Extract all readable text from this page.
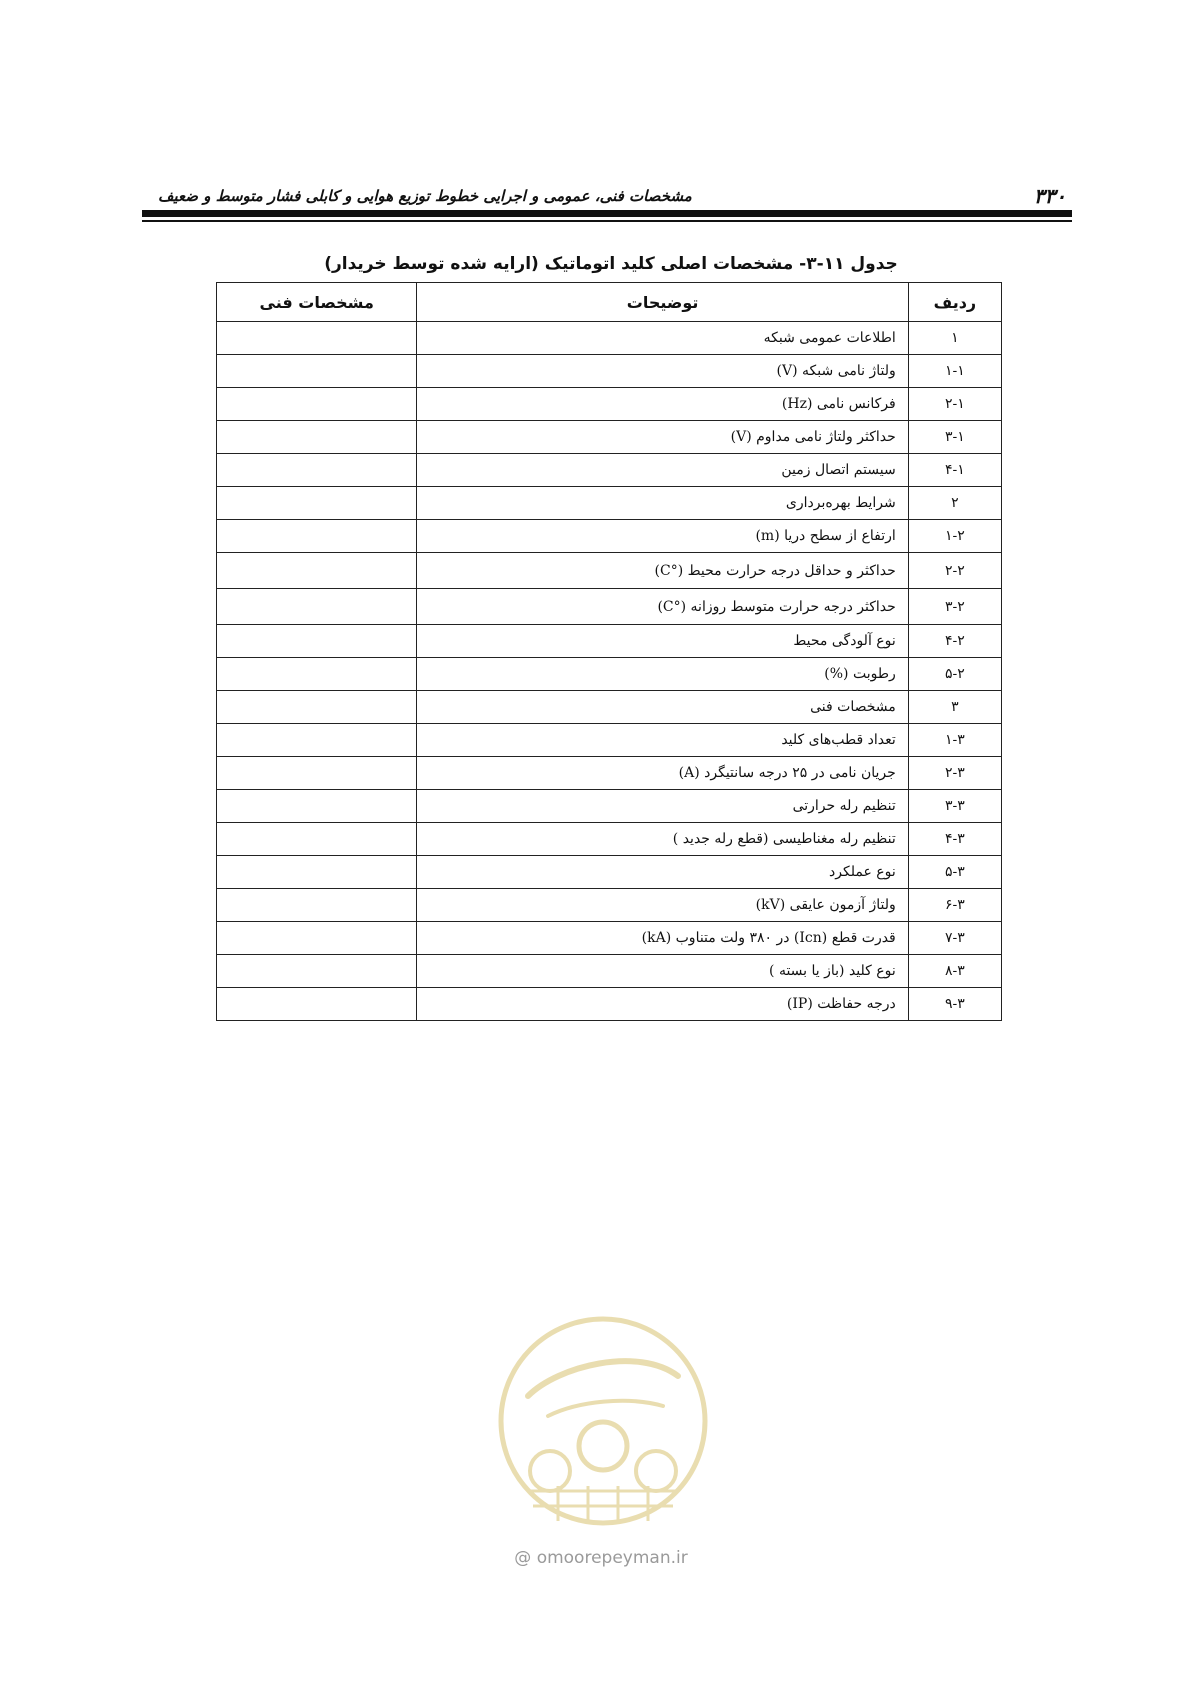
۳۳۰
مشخصات فنی، عمومی و اجرایی خطوط توزیع هوایی و کابلی فشار متوسط و ضعیف
جدول ۱۱-۳- مشخصات اصلی کلید اتوماتیک (ارایه شده توسط خریدار)
ردیف	توضیحات	مشخصات فنی
۱	اطلاعات عمومی شبکه	
۱-۱	ولتاژ نامی شبکه (V)	
۲-۱	فرکانس نامی (Hz)	
۳-۱	حداکثر ولتاژ نامی مداوم (V)	
۴-۱	سیستم اتصال زمین	
۲	شرایط بهره‌برداری	
۱-۲	ارتفاع از سطح دریا (m)	
۲-۲	حداکثر و حداقل درجه حرارت محیط (°C)	
۳-۲	حداکثر درجه حرارت متوسط روزانه (°C)	
۴-۲	نوع آلودگی محیط	
۵-۲	رطوبت (%)	
۳	مشخصات فنی	
۱-۳	تعداد قطب‌های کلید	
۲-۳	جریان نامی در ۲۵ درجه سانتیگرد (A)	
۳-۳	تنظیم رله حرارتی	
۴-۳	تنظیم رله مغناطیسی (قطع رله جدید )	
۵-۳	نوع عملکرد	
۶-۳	ولتاژ آزمون عایقی (kV)	
۷-۳	قدرت قطع (Icn) در ۳۸۰ ولت متناوب (kA)	
۸-۳	نوع کلید (باز یا بسته )	
۹-۳	درجه حفاظت (IP)	
@ omoorepeyman.ir
